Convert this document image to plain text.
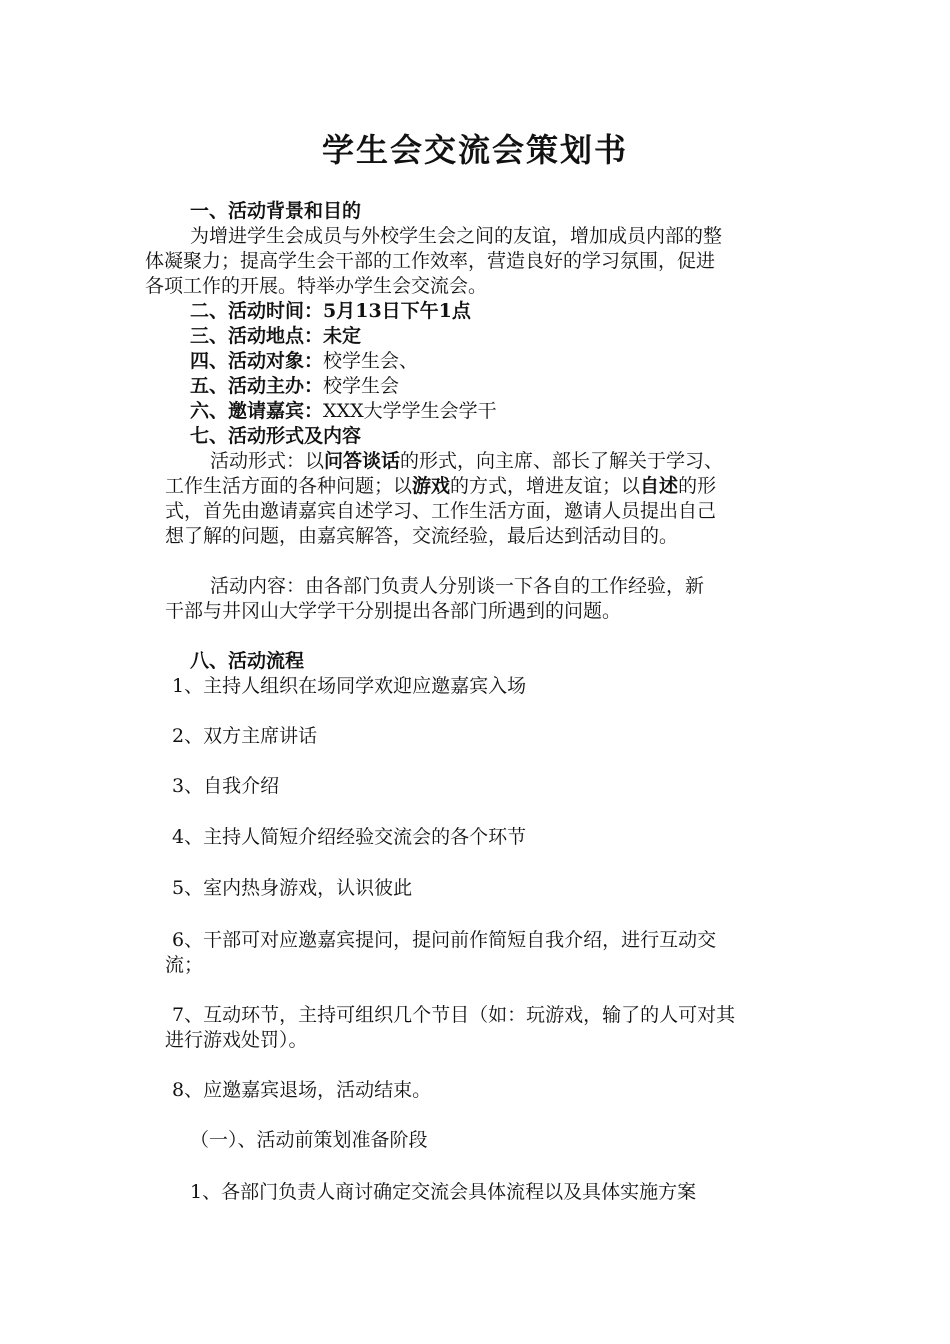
学生会交流会策划书
一、活动背景和目的
为增进学生会成员与外校学生会之间的友谊，增加成员内部的整
体凝聚力；提高学生会干部的工作效率，营造良好的学习氛围，促进
各项工作的开展。特举办学生会交流会。
二、活动时间：5月13日下午1点
三、活动地点：未定
四、活动对象：校学生会、
五、活动主办：校学生会
六、邀请嘉宾：XXX大学学生会学干
七、活动形式及内容
活动形式：以问答谈话的形式，向主席、部长了解关于学习、
工作生活方面的各种问题；以游戏的方式，增进友谊；以自述的形
式，首先由邀请嘉宾自述学习、工作生活方面，邀请人员提出自己
想了解的问题，由嘉宾解答，交流经验，最后达到活动目的。
活动内容：由各部门负责人分别谈一下各自的工作经验，新
干部与井冈山大学学干分别提出各部门所遇到的问题。
八、活动流程
1、主持人组织在场同学欢迎应邀嘉宾入场
2、双方主席讲话
3、自我介绍
4、主持人简短介绍经验交流会的各个环节
5、室内热身游戏，认识彼此
6、干部可对应邀嘉宾提问，提问前作简短自我介绍，进行互动交
流；
7、互动环节，主持可组织几个节目（如：玩游戏，输了的人可对其
进行游戏处罚）。
8、应邀嘉宾退场，活动结束。
（一）、活动前策划准备阶段
1、各部门负责人商讨确定交流会具体流程以及具体实施方案
